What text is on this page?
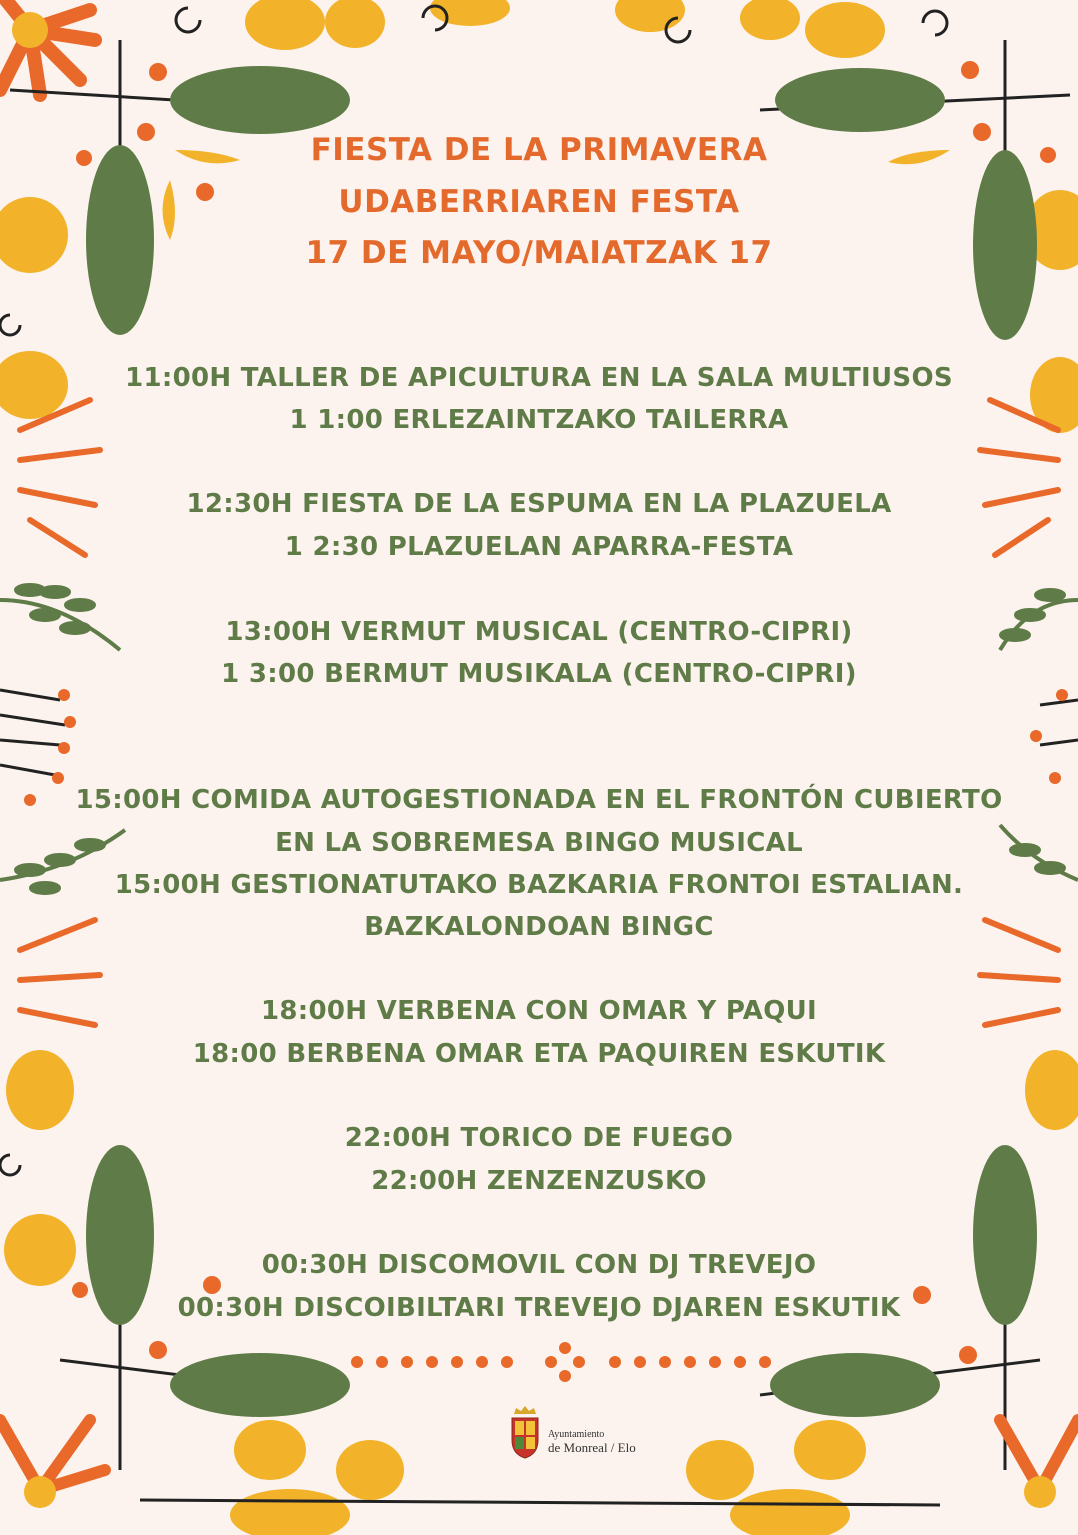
FIESTA DE LA PRIMAVERA
UDABERRIAREN FESTA
17 DE MAYO/MAIATZAK 17
11:00H TALLER DE APICULTURA EN LA SALA MULTIUSOS
1 1:00 ERLEZAINTZAKO TAILERRA
12:30H FIESTA DE LA ESPUMA EN LA PLAZUELA
1 2:30 PLAZUELAN APARRA-FESTA
13:00H VERMUT MUSICAL (CENTRO-CIPRI)
1 3:00 BERMUT MUSIKALA (CENTRO-CIPRI)
15:00H COMIDA AUTOGESTIONADA EN EL FRONTÓN CUBIERTO
EN LA SOBREMESA BINGO MUSICAL
15:00H GESTIONATUTAKO BAZKARIA FRONTOI ESTALIAN.
BAZKALONDOAN BINGC
18:00H VERBENA CON OMAR Y PAQUI
18:00 BERBENA OMAR ETA PAQUIREN ESKUTIK
22:00H TORICO DE FUEGO
22:00H ZENZENZUSKO
00:30H DISCOMOVIL CON DJ TREVEJO
00:30H DISCOIBILTARI TREVEJO DJAREN ESKUTIK
Ayuntamiento
de Monreal / Elo
